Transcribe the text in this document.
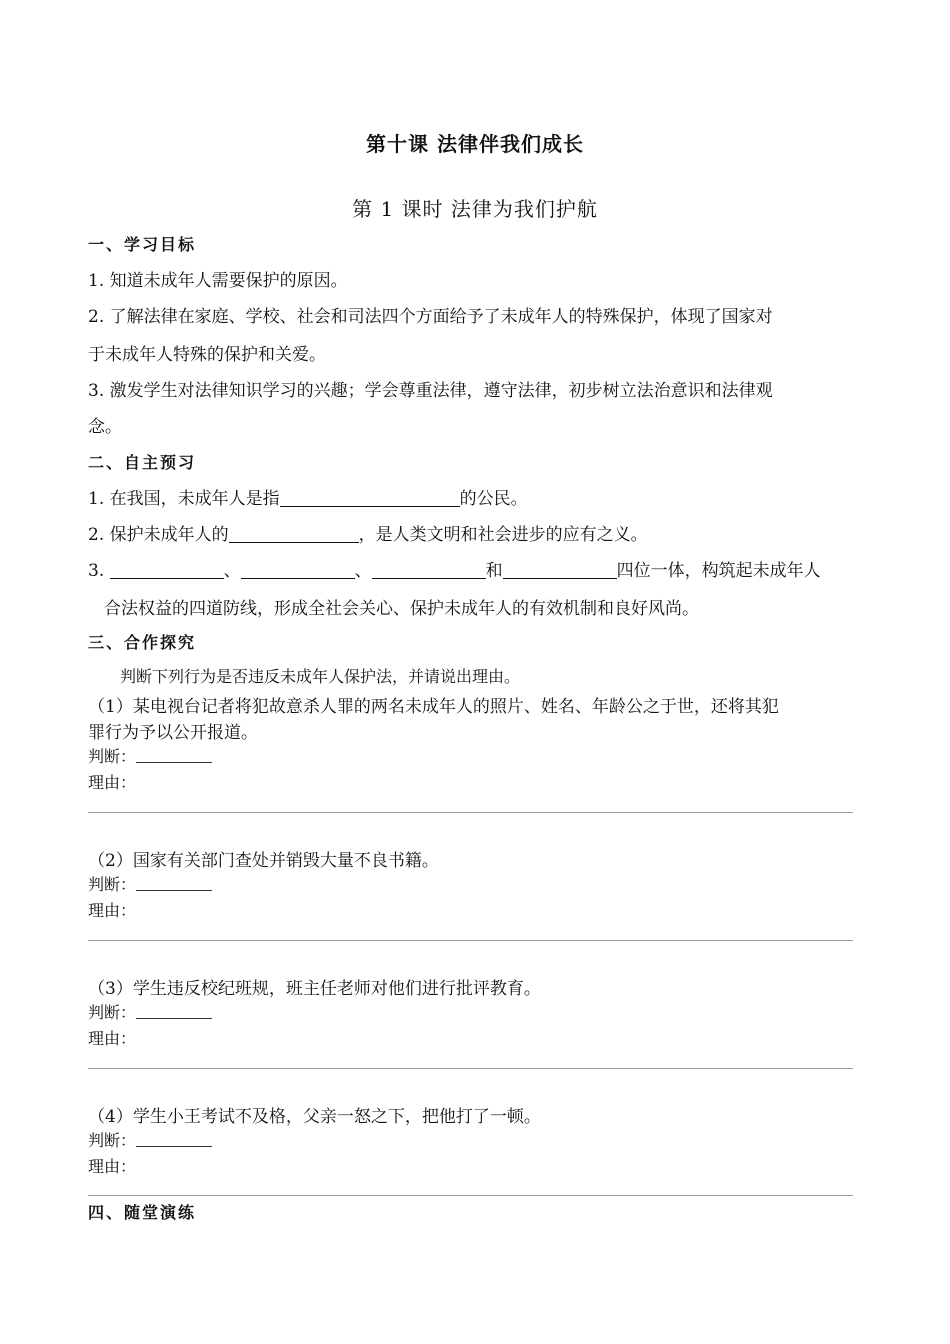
第十课 法律伴我们成长
第 1 课时 法律为我们护航
一、学习目标
1. 知道未成年人需要保护的原因。
2. 了解法律在家庭、学校、社会和司法四个方面给予了未成年人的特殊保护，体现了国家对
于未成年人特殊的保护和关爱。
3. 激发学生对法律知识学习的兴趣；学会尊重法律，遵守法律，初步树立法治意识和法律观
念。
二、自主预习
1. 在我国，未成年人是指	的公民。
2. 保护未成年人的	，是人类文明和社会进步的应有之义。
3.	、	、	和	四位一体，构筑起未成年人
合法权益的四道防线，形成全社会关心、保护未成年人的有效机制和良好风尚。
三、合作探究
判断下列行为是否违反未成年人保护法，并请说出理由。
（1）某电视台记者将犯故意杀人罪的两名未成年人的照片、姓名、年龄公之于世，还将其犯
罪行为予以公开报道。
判断：
理由：
（2）国家有关部门查处并销毁大量不良书籍。
判断：
理由：
（3）学生违反校纪班规，班主任老师对他们进行批评教育。
判断：
理由：
（4）学生小王考试不及格，父亲一怒之下，把他打了一顿。
判断：
理由：
四、随堂演练
